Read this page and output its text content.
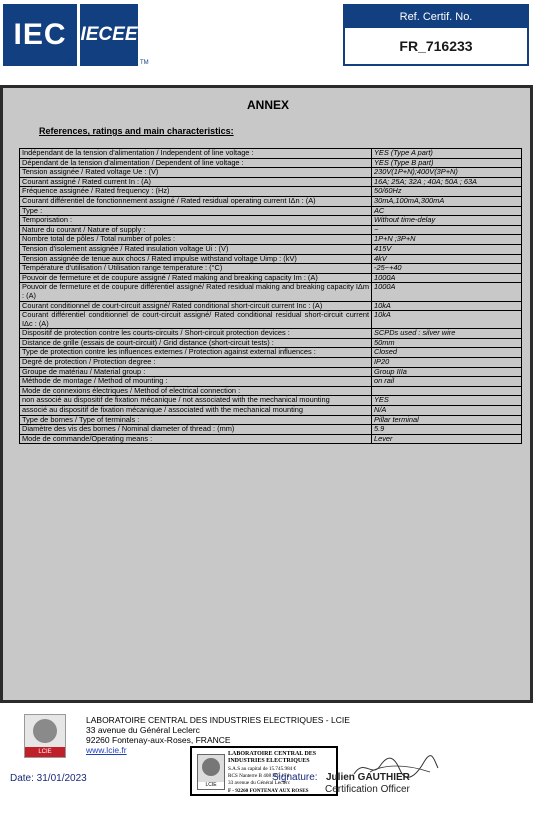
IEC
®
IECEE
TM
Ref. Certif. No.
FR_716233
ANNEX
References, ratings and main characteristics:
Indépendant de la tension d'alimentation / Independent of line voltage :	YES (Type A part)
Dépendant de la tension d'alimentation / Dependent of line voltage :	YES (Type B part)
Tension assignée / Rated voltage Ue : (V)	230V(1P+N);400V(3P+N)
Courant assigné / Rated current In : (A)	16A; 25A; 32A ; 40A; 50A ; 63A
Fréquence assignée / Rated frequency : (Hz)	50/60Hz
Courant différentiel de fonctionnement assigné / Rated residual operating current IΔn : (A)	30mA,100mA,300mA
Type :	AC
Temporisation :	Without time-delay
Nature du courant / Nature of supply :	~
Nombre total de pôles / Total number of poles :	1P+N ;3P+N
Tension d'isolement assignée / Rated insulation voltage Ui : (V)	415V
Tension assignée de tenue aux chocs / Rated impulse withstand voltage Uimp : (kV)	4kV
Température d'utilisation / Utilisation range temperature : (°C)	-25~+40
Pouvoir de fermeture et de coupure assigné / Rated making and breaking capacity Im : (A)	1000A
Pouvoir de fermeture et de coupure différentiel assigné/ Rated residual making and breaking capacity IΔm : (A)	1000A
Courant conditionnel de court-circuit assigné/ Rated conditional short-circuit current Inc : (A)	10kA
Courant différentiel conditionnel de court-circuit assigné/ Rated conditional residual short-circuit current IΔc : (A)	10kA
Dispositif de protection contre les courts-circuits / Short-circuit protection devices :	SCPDs used : silver wire
Distance de grille (essais de court-circuit) / Grid distance (short-circuit tests) :	50mm
Type de protection contre les influences externes / Protection against external influences :	Closed
Degré de protection / Protection degree :	IP20
Groupe de matériau / Material group :	Group IIIa
Méthode de montage / Method of mounting :	on rail
Mode de connexions électriques / Method of electrical connection :	
non associé au dispositif de fixation mécanique / not associated with the mechanical mounting	YES
associé au dispositif de fixation mécanique / associated with the mechanical mounting	N/A
Type de bornes / Type of terminals :	Pillar terminal
Diamètre des vis des bornes / Nominal diameter of thread : (mm)	5.9
Mode de commande/Operating means :	Lever
LCIE
LABORATOIRE CENTRAL DES INDUSTRIES ELECTRIQUES - LCIE
33 avenue du Général Leclerc
92260 Fontenay-aux-Roses, FRANCE
www.lcie.fr
Date: 31/01/2023
LCIE
LABORATOIRE CENTRAL DES
INDUSTRIES ELECTRIQUES
S.A.S au capital de 15.745.984 €
RCS Nanterre B 408 363 174
33 avenue du Général Leclerc
F - 92260 FONTENAY AUX ROSES
Signature: Julien GAUTHIER
Certification Officer
